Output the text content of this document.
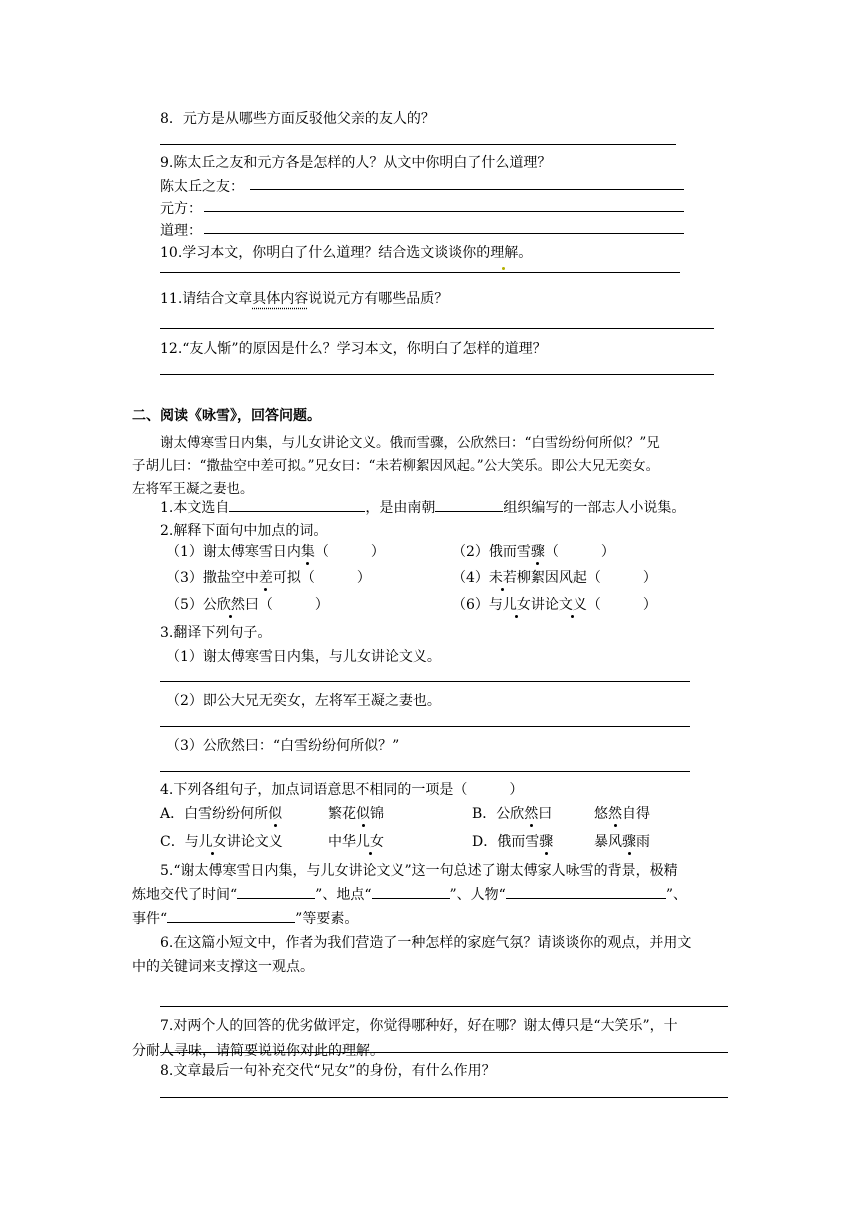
8．元方是从哪些方面反驳他父亲的友人的？
9.陈太丘之友和元方各是怎样的人？从文中你明白了什么道理？
陈太丘之友：
元方：
道理：
10.学习本文，你明白了什么道理？结合选文谈谈你的理解。
11.请结合文章具体内容说说元方有哪些品质？
12.“友人惭”的原因是什么？学习本文，你明白了怎样的道理？
二、阅读《咏雪》，回答问题。
谢太傅寒雪日内集，与儿女讲论文义。俄而雪骤，公欣然曰：“白雪纷纷何所似？”兄
子胡儿曰：“撒盐空中差可拟。”兄女曰：“未若柳絮因风起。”公大笑乐。即公大兄无奕女。
左将军王凝之妻也。
1.本文选自	，是由南朝	组织编写的一部志人小说集。
2.解释下面句中加点的词。
（1）谢太傅寒雪日内集（　　　）	（2）俄而雪骤（　　　）
（3）撒盐空中差可拟（　　　）	（4）未若柳絮因风起（　　　）
（5）公欣然曰（　　　）	（6）与儿女讲论文义（　　　）
3.翻译下列句子。
（1）谢太傅寒雪日内集，与儿女讲论文义。
（2）即公大兄无奕女，左将军王凝之妻也。
（3）公欣然曰：“白雪纷纷何所似？”
4.下列各组句子，加点词语意思不相同的一项是（　　　）
A．白雪纷纷何所似	繁花似锦	B．公欣然曰	悠然自得
C．与儿女讲论文义	中华儿女	D．俄而雪骤	暴风骤雨
5.“谢太傅寒雪日内集，与儿女讲论文义”这一句总述了谢太傅家人咏雪的背景，极精
炼地交代了时间“	”、地点“	”、人物“	”、
事件“	”等要素。
6.在这篇小短文中，作者为我们营造了一种怎样的家庭气氛？请谈谈你的观点，并用文
中的关键词来支撑这一观点。
7.对两个人的回答的优劣做评定，你觉得哪种好，好在哪？谢太傅只是“大笑乐”，十
分耐人寻味，请简要说说你对此的理解。
8.文章最后一句补充交代“兄女”的身份，有什么作用？
